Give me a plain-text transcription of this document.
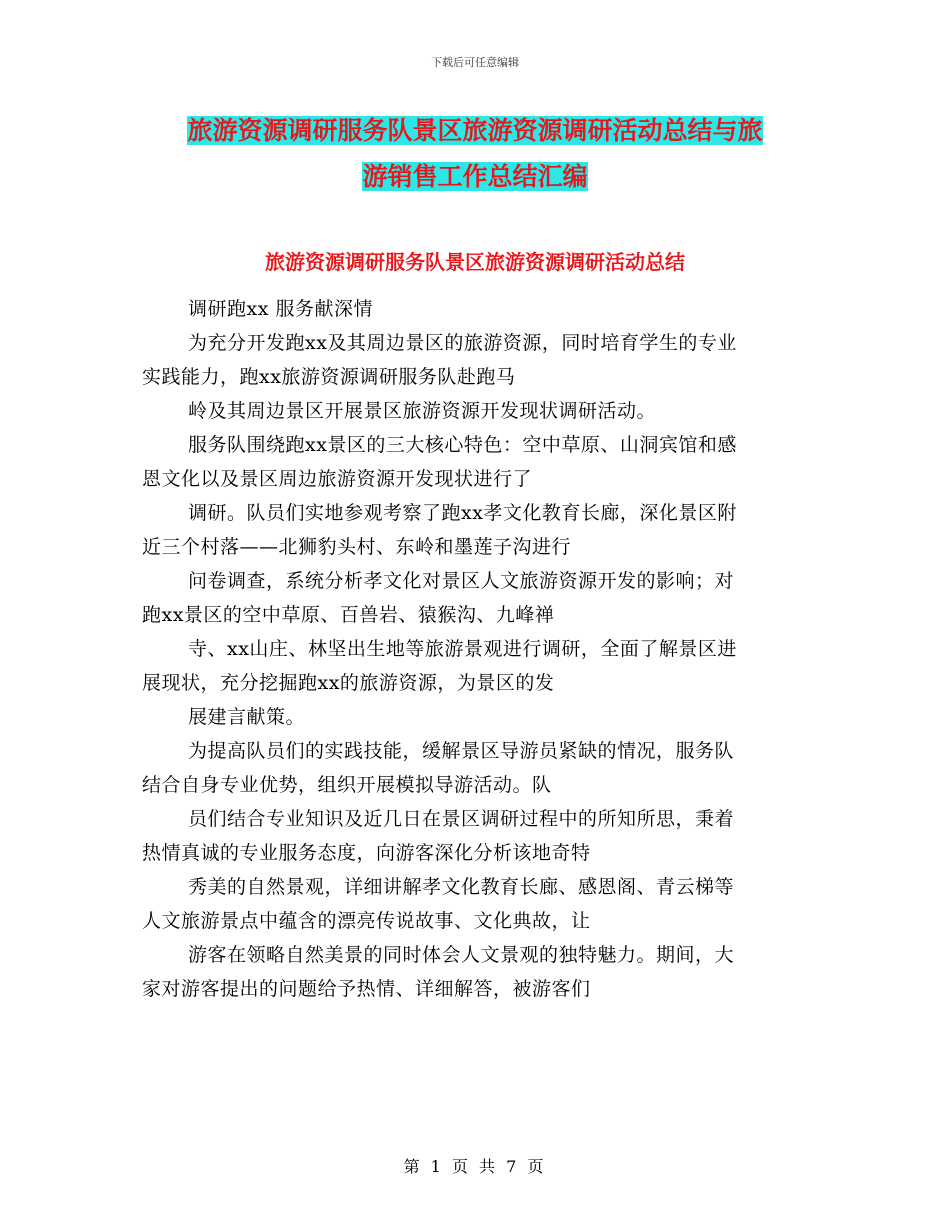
下载后可任意编辑
旅游资源调研服务队景区旅游资源调研活动总结与旅
游销售工作总结汇编
旅游资源调研服务队景区旅游资源调研活动总结
调研跑xx 服务献深情
为充分开发跑xx及其周边景区的旅游资源，同时培育学生的专业
实践能力，跑xx旅游资源调研服务队赴跑马
岭及其周边景区开展景区旅游资源开发现状调研活动。
服务队围绕跑xx景区的三大核心特色：空中草原、山洞宾馆和感
恩文化以及景区周边旅游资源开发现状进行了
调研。队员们实地参观考察了跑xx孝文化教育长廊，深化景区附
近三个村落——北狮豹头村、东岭和墨莲子沟进行
问卷调查，系统分析孝文化对景区人文旅游资源开发的影响；对
跑xx景区的空中草原、百兽岩、猿猴沟、九峰禅
寺、xx山庄、林坚出生地等旅游景观进行调研，全面了解景区进
展现状，充分挖掘跑xx的旅游资源，为景区的发
展建言献策。
为提高队员们的实践技能，缓解景区导游员紧缺的情况，服务队
结合自身专业优势，组织开展模拟导游活动。队
员们结合专业知识及近几日在景区调研过程中的所知所思，秉着
热情真诚的专业服务态度，向游客深化分析该地奇特
秀美的自然景观，详细讲解孝文化教育长廊、感恩阁、青云梯等
人文旅游景点中蕴含的漂亮传说故事、文化典故，让
游客在领略自然美景的同时体会人文景观的独特魅力。期间，大
家对游客提出的问题给予热情、详细解答，被游客们
第 1 页 共 7 页
